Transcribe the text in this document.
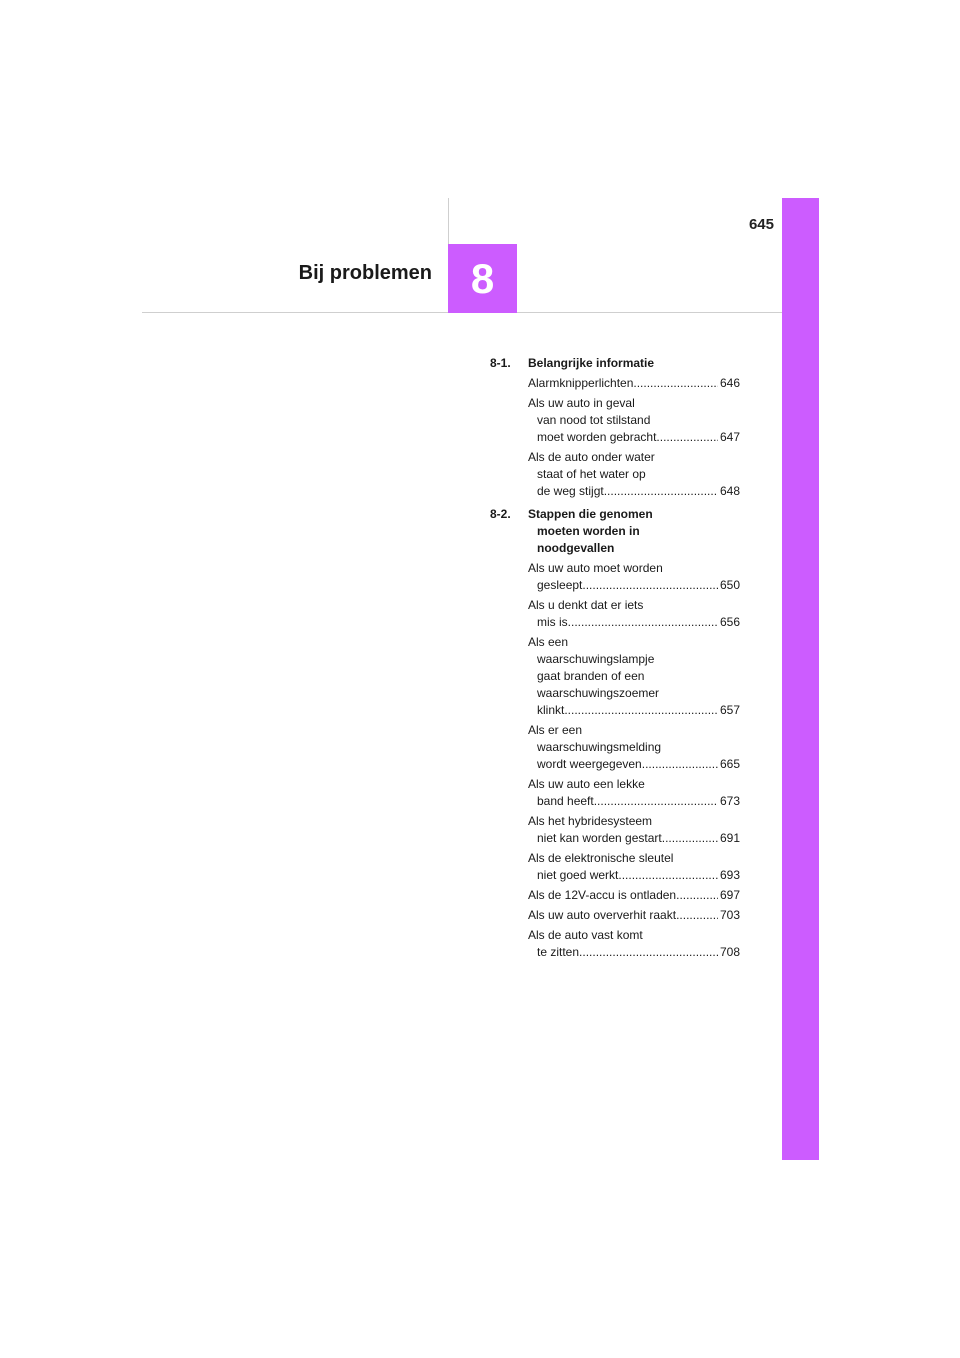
645
8
Bij problemen
8-1.	Belangrijke informatie
Alarmknipperlichten .....	646
Als uw auto in geval
van nood tot stilstand
moet worden gebracht .....	647
Als de auto onder water
staat of het water op
de weg stijgt .....	648
8-2.	Stappen die genomen
moeten worden in
noodgevallen
Als uw auto moet worden
gesleept .....	650
Als u denkt dat er iets
mis is .....	656
Als een
waarschuwingslampje
gaat branden of een
waarschuwingszoemer
klinkt .....	657
Als er een
waarschuwingsmelding
wordt weergegeven .....	665
Als uw auto een lekke
band heeft .....	673
Als het hybridesysteem
niet kan worden gestart .....	691
Als de elektronische sleutel
niet goed werkt .....	693
Als de 12V-accu is ontladen .....	697
Als uw auto oververhit raakt .....	703
Als de auto vast komt
te zitten .....	708
